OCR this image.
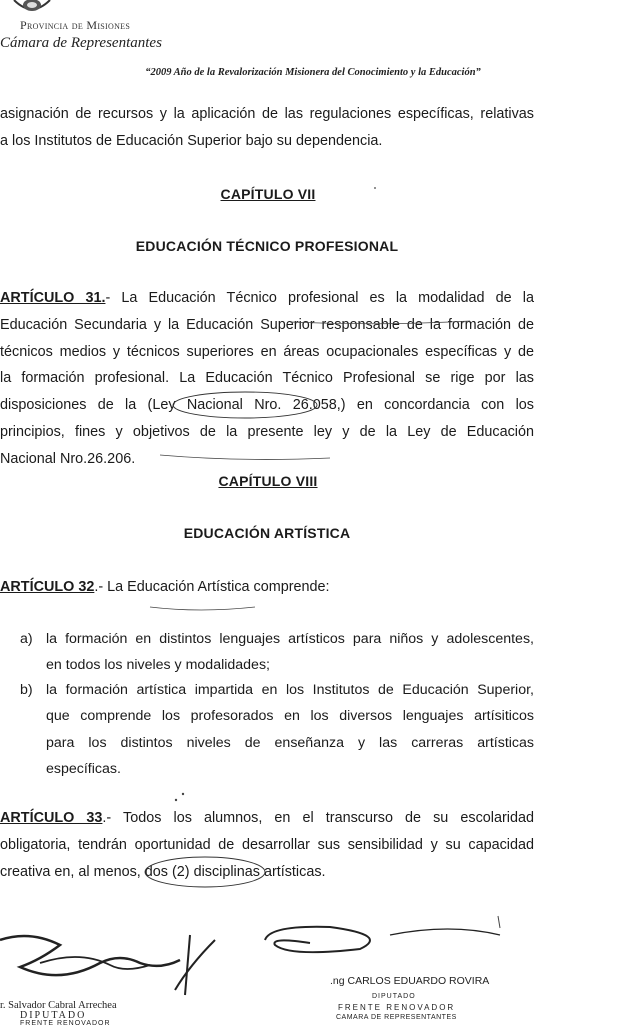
Provincia de Misiones
Cámara de Representantes
“2009 Año de la Revalorización Misionera del Conocimiento y la Educación”
asignación de recursos y la aplicación de las regulaciones específicas, relativas
a los Institutos de Educación Superior bajo su dependencia.
CAPÍTULO VII
EDUCACIÓN TÉCNICO PROFESIONAL
ARTÍCULO 31.- La Educación Técnico profesional es la modalidad de la
Educación Secundaria y la Educación Superior responsable de la formación de
técnicos medios y técnicos superiores en áreas ocupacionales específicas y de
la formación profesional. La Educación Técnico Profesional se rige por las
disposiciones de la (Ley Nacional Nro. 26.058,) en concordancia con los
principios, fines y objetivos de la presente ley y de la Ley de Educación
Nacional Nro.26.206.
CAPÍTULO VIII
EDUCACIÓN ARTÍSTICA
ARTÍCULO 32.- La Educación Artística comprende:
a) la formación en distintos lenguajes artísticos para niños y adolescentes,
en todos los niveles y modalidades;
b) la formación artística impartida en los Institutos de Educación Superior,
que comprende los profesorados en los diversos lenguajes artísiticos
para los distintos niveles de enseñanza y las carreras artísticas
específicas.
ARTÍCULO 33.- Todos los alumnos, en el transcurso de su escolaridad
obligatoria, tendrán oportunidad de desarrollar sus sensibilidad y su capacidad
creativa en, al menos, dos (2) disciplinas artísticas.
r. Salvador Cabral Arrechea
DIPUTADO
FRENTE RENOVADOR
.ng CARLOS EDUARDO ROVIRA
DIPUTADO
FRENTE RENOVADOR
CAMARA DE REPRESENTANTES
